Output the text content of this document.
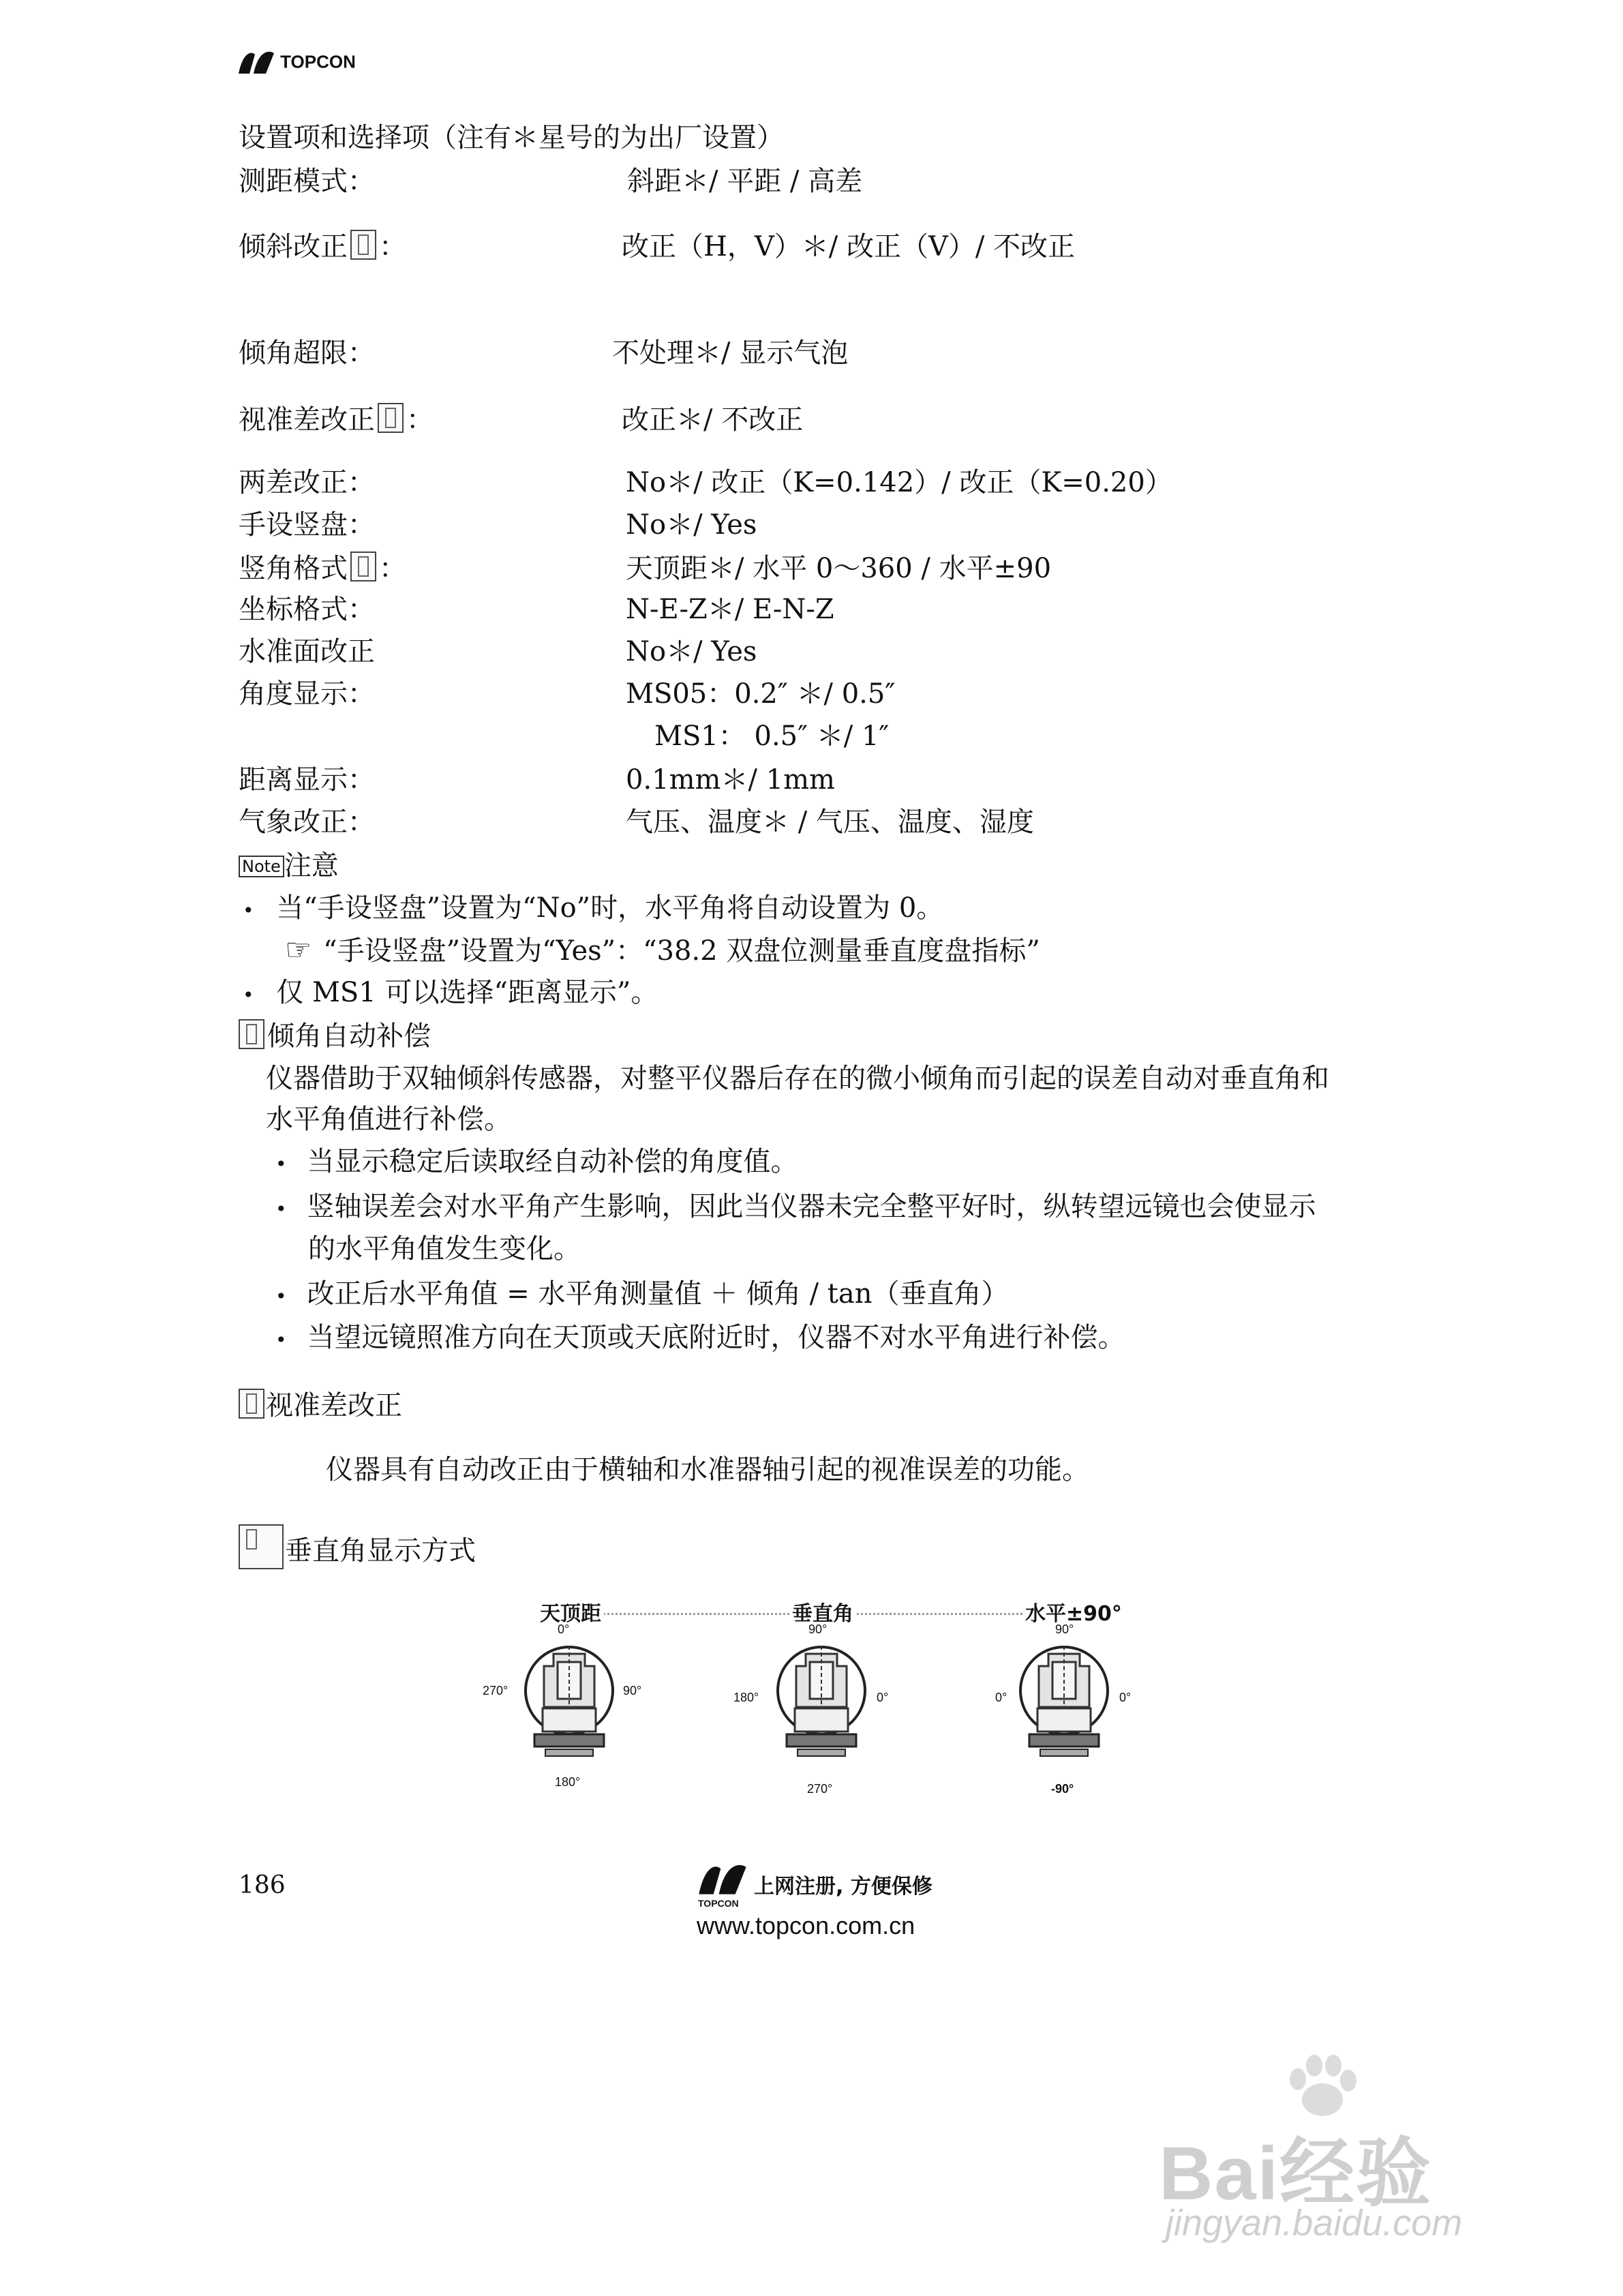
TOPCON
设置项和选择项（注有＊星号的为出厂设置）
测距模式：	斜距＊/ 平距 / 高差
倾斜改正 ：	改正（H，V）＊/ 改正（V）/ 不改正
倾角超限：	不处理＊/ 显示气泡
视准差改正 ：	改正＊/ 不改正
两差改正：	No＊/ 改正（K=0.142）/ 改正（K=0.20）
手设竖盘：	No＊/ Yes
竖角格式 ：	天顶距＊/ 水平 0～360 / 水平±90
坐标格式：	N-E-Z＊/ E-N-Z
水准面改正	No＊/ Yes
角度显示：	MS05：0.2″ ＊/ 0.5″
MS1： 0.5″ ＊/ 1″
距离显示：	0.1mm＊/ 1mm
气象改正：	气压、温度＊ / 气压、温度、湿度
Note 注意
• 当“手设竖盘”设置为“No”时，水平角将自动设置为 0。
☞ “手设竖盘”设置为“Yes”：“38.2 双盘位测量垂直度盘指标”
• 仅 MS1 可以选择“距离显示”。
倾角自动补偿
仪器借助于双轴倾斜传感器，对整平仪器后存在的微小倾角而引起的误差自动对垂直角和
水平角值进行补偿。
• 当显示稳定后读取经自动补偿的角度值。
• 竖轴误差会对水平角产生影响，因此当仪器未完全整平好时，纵转望远镜也会使显示
的水平角值发生变化。
• 改正后水平角值 = 水平角测量值 ＋ 倾角 / tan（垂直角）
• 当望远镜照准方向在天顶或天底附近时，仪器不对水平角进行补偿。
视准差改正
仪器具有自动改正由于横轴和水准器轴引起的视准误差的功能。
垂直角显示方式
天顶距
0°
270°	90°
180°
垂直角
90°
180°	0°
270°
水平±90°
90°
0°	0°
-90°
186
TOPCON
上网注册, 方便保修
www.topcon.com.cn
Bai经验
jingyan.baidu.com
